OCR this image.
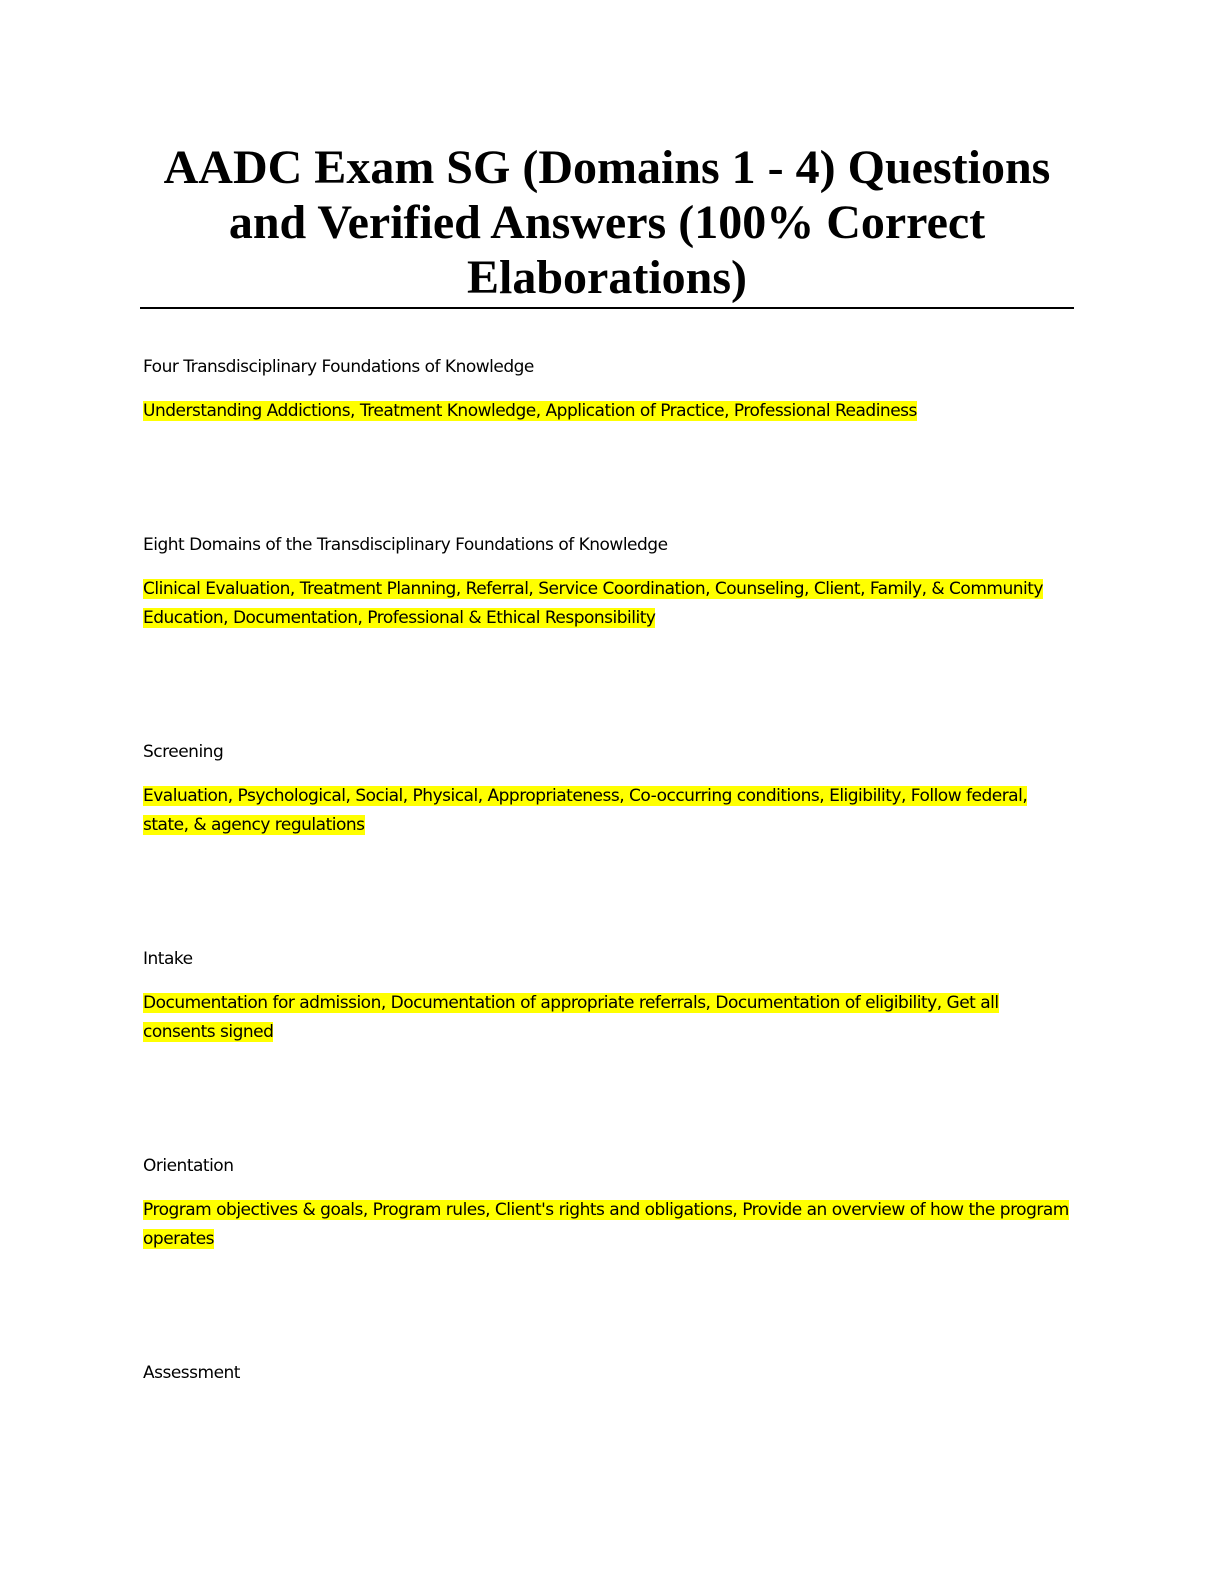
AADC Exam SG (Domains 1 - 4) Questions and Verified Answers (100% Correct Elaborations)

Four Transdisciplinary Foundations of Knowledge

Understanding Addictions, Treatment Knowledge, Application of Practice, Professional Readiness

Eight Domains of the Transdisciplinary Foundations of Knowledge

Clinical Evaluation, Treatment Planning, Referral, Service Coordination, Counseling, Client, Family, & Community Education, Documentation, Professional & Ethical Responsibility

Screening

Evaluation, Psychological, Social, Physical, Appropriateness, Co-occurring conditions, Eligibility, Follow federal, state, & agency regulations

Intake

Documentation for admission, Documentation of appropriate referrals, Documentation of eligibility, Get all consents signed

Orientation

Program objectives & goals, Program rules, Client's rights and obligations, Provide an overview of how the program operates

Assessment
